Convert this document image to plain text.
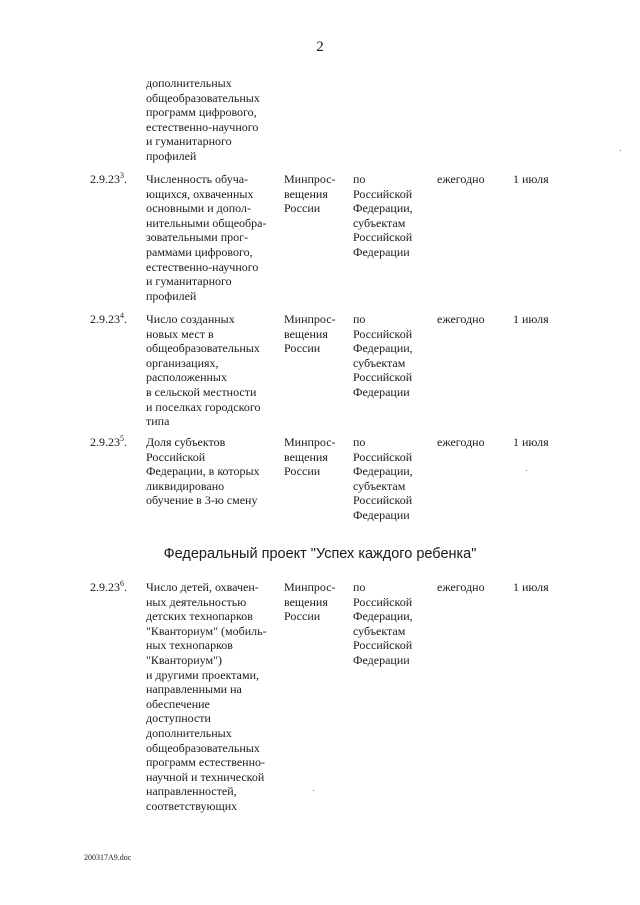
2
дополнительных
общеобразовательных
программ цифрового,
естественно-научного
и гуманитарного
профилей
2.9.23$^3$. Численность обуча-
ющихся, охваченных
основными и допол-
нительными общеобра-
зовательными прог-
раммами цифрового,
естественно-научного
и гуманитарного
профилей
Минпрос-
вещения
России
по
Российской
Федерации,
субъектам
Российской
Федерации
ежегодно 1 июля
2.9.23$^4$. Число созданных
новых мест в
общеобразовательных
организациях,
расположенных
в сельской местности
и поселках городского
типа
Минпрос-
вещения
России
по
Российской
Федерации,
субъектам
Российской
Федерации
ежегодно 1 июля
2.9.23$^5$. Доля субъектов
Российской
Федерации, в которых
ликвидировано
обучение в 3-ю смену
Минпрос-
вещения
России
по
Российской
Федерации,
субъектам
Российской
Федерации
ежегодно 1 июля
Федеральный проект "Успех каждого ребенка"
2.9.23$^6$. Число детей, охвачен-
ных деятельностью
детских технопарков
"Кванториум" (мобиль-
ных технопарков
"Кванториум")
и другими проектами,
направленными на
обеспечение
доступности
дополнительных
общеобразовательных
программ естественно-
научной и технической
направленностей,
соответствующих
Минпрос-
вещения
России
по
Российской
Федерации,
субъектам
Российской
Федерации
ежегодно 1 июля
200317A9.doc
